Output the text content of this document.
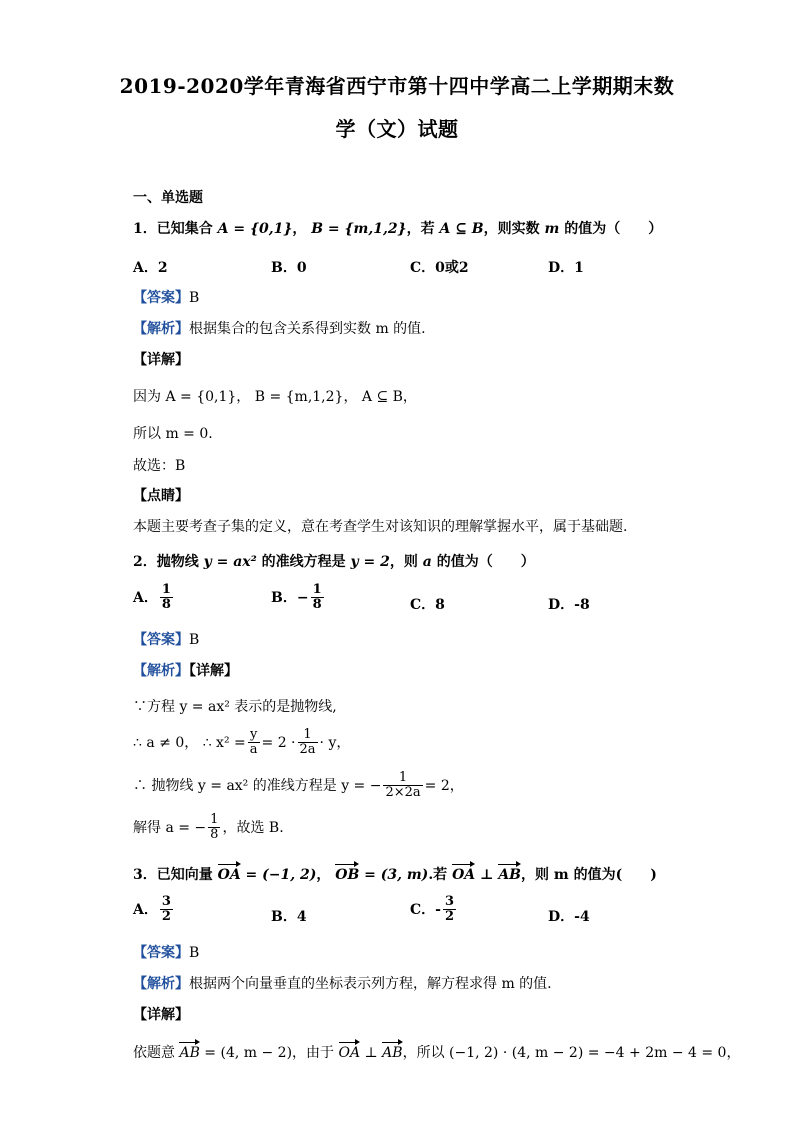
2019-2020学年青海省西宁市第十四中学高二上学期期末数
学（文）试题
一、单选题
1．已知集合 A = {0,1}， B = {m,1,2}，若 A ⊆ B，则实数 m 的值为（　　）
A．2	B．0	C．0或2	D．1
【答案】B
【解析】根据集合的包含关系得到实数 m 的值.
【详解】
因为 A = {0,1}， B = {m,1,2}， A ⊆ B，
所以 m = 0.
故选：B
【点睛】
本题主要考查子集的定义，意在考查学生对该知识的理解掌握水平，属于基础题.
2．抛物线 y = ax² 的准线方程是 y = 2，则 a 的值为（　　）
A． $\frac{1}{8}$	B．− $\frac{1}{8}$	C．8	D．-8
【答案】B
【解析】【详解】
∵方程 y = ax² 表示的是抛物线,
∴ a ≠ 0， ∴ $x^2 = \frac{y}{a} = 2 \cdot \frac{1}{2a} \cdot y$，
∴ 抛物线 y = ax² 的准线方程是 y = − $\frac{1}{2\times 2a} = 2$，
解得 a = − $\frac{1}{8}$ ，故选 B.
3．已知向量 OA = (−1, 2)， OB = (3, m).若 OA ⊥ AB，则 m 的值为(　　)
A． $\frac{3}{2}$	B．4	C．- $\frac{3}{2}$	D．-4
【答案】B
【解析】根据两个向量垂直的坐标表示列方程，解方程求得 m 的值.
【详解】
依题意 AB = (4, m − 2)，由于 OA ⊥ AB，所以 (−1, 2) · (4, m − 2) = −4 + 2m − 4 = 0，
